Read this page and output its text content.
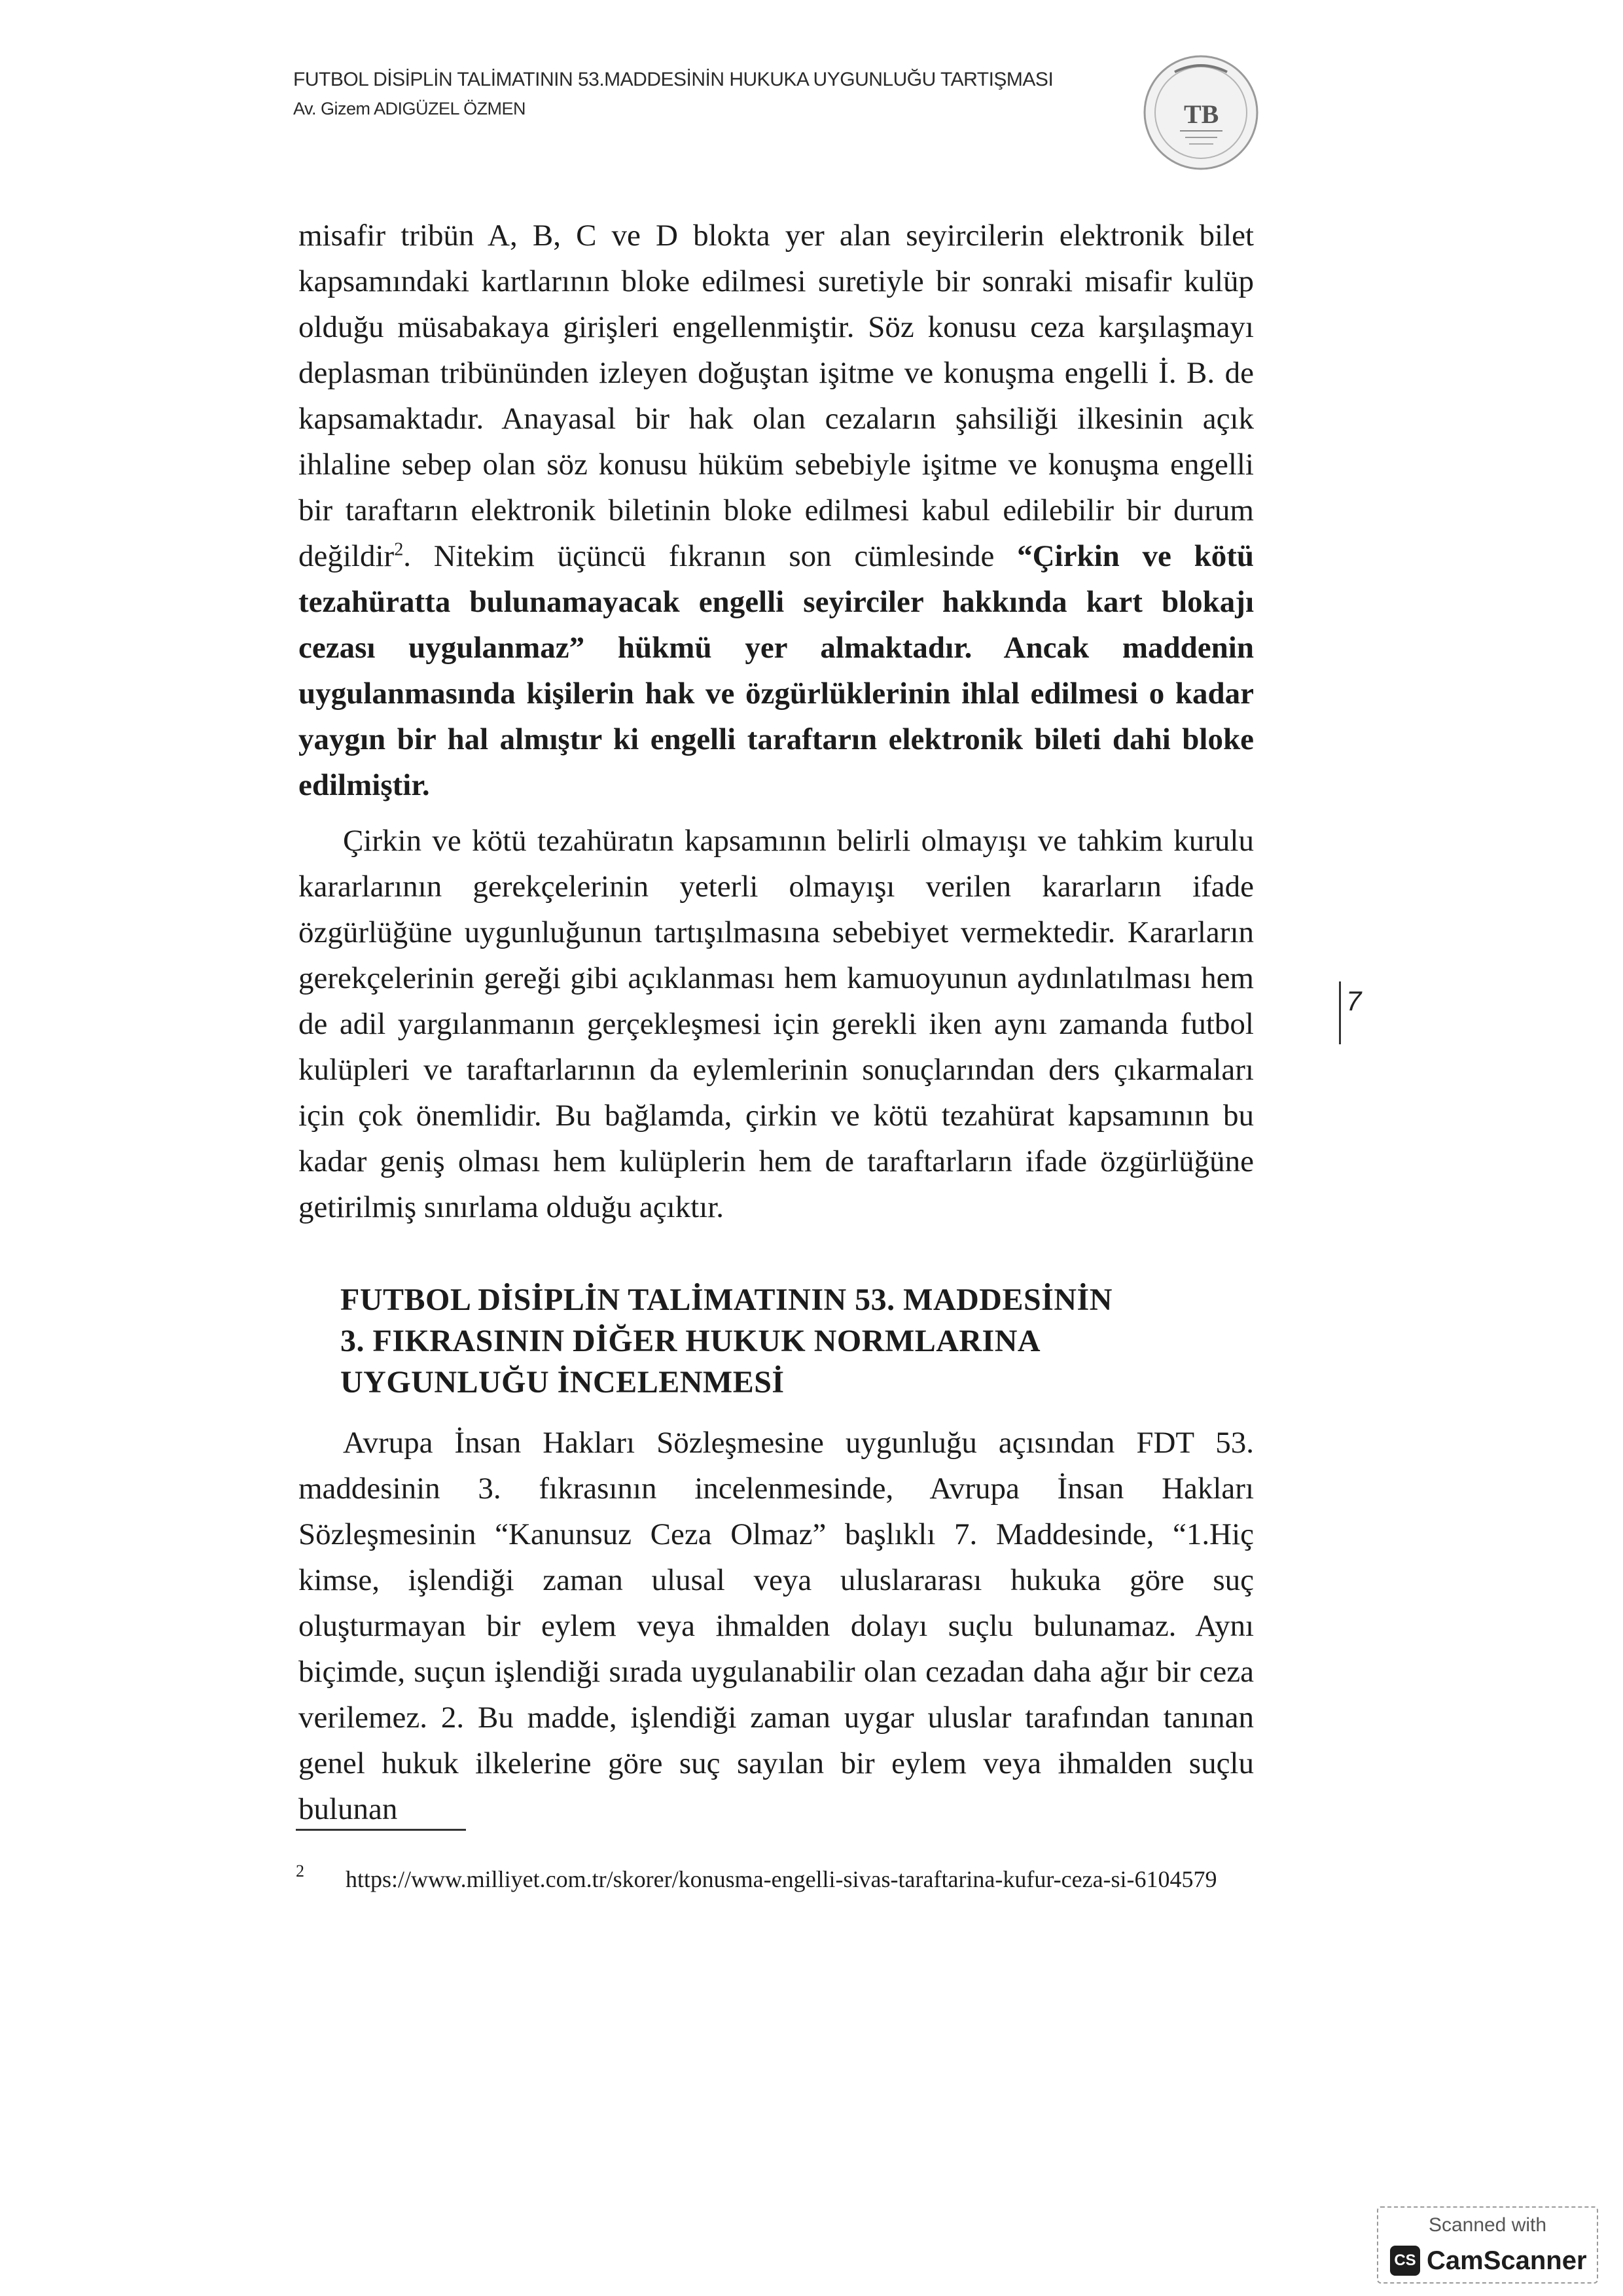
FUTBOL DİSİPLİN TALİMATININ 53.MADDESİNİN HUKUKA UYGUNLUĞU TARTIŞMASI
Av. Gizem ADIGÜZEL ÖZMEN	TB
misafir tribün A, B, C ve D blokta yer alan seyircilerin elektronik bilet kapsamındaki kartlarının bloke edilmesi suretiyle bir sonraki misafir kulüp olduğu müsabakaya girişleri engellenmiştir. Söz konusu ceza karşılaşmayı deplasman tribününden izleyen doğuştan işitme ve konuşma engelli İ. B. de kapsamaktadır. Anayasal bir hak olan cezaların şahsiliği ilkesinin açık ihlaline sebep olan söz konusu hüküm sebebiyle işitme ve konuşma engelli bir taraftarın elektronik biletinin bloke edilmesi kabul edilebilir bir durum değildir$^2$. Nitekim üçüncü fıkranın son cümlesinde “Çirkin ve kötü tezahüratta bulunamayacak engelli seyirciler hakkında kart blokajı cezası uygulanmaz” hükmü yer almaktadır. Ancak maddenin uygulanmasında kişilerin hak ve özgürlüklerinin ihlal edilmesi o kadar yaygın bir hal almıştır ki engelli taraftarın elektronik bileti dahi bloke edilmiştir.
Çirkin ve kötü tezahüratın kapsamının belirli olmayışı ve tahkim kurulu kararlarının gerekçelerinin yeterli olmayışı verilen kararların ifade özgürlüğüne uygunluğunun tartışılmasına sebebiyet vermektedir. Kararların gerekçelerinin gereği gibi açıklanması hem kamuoyunun aydınlatılması hem de adil yargılanmanın gerçekleşmesi için gerekli iken aynı zamanda futbol kulüpleri ve taraftarlarının da eylemlerinin sonuçlarından ders çıkarmaları için çok önemlidir. Bu bağlamda, çirkin ve kötü tezahürat kapsamının bu kadar geniş olması hem kulüplerin hem de taraftarların ifade özgürlüğüne getirilmiş sınırlama olduğu açıktır.
FUTBOL DİSİPLİN TALİMATININ 53. MADDESİNİN
3. FIKRASININ DİĞER HUKUK NORMLARINA
UYGUNLUĞU İNCELENMESİ
Avrupa İnsan Hakları Sözleşmesine uygunluğu açısından FDT 53. maddesinin 3. fıkrasının incelenmesinde, Avrupa İnsan Hakları Sözleşmesinin “Kanunsuz Ceza Olmaz” başlıklı 7. Maddesinde, “1.Hiç kimse, işlendiği zaman ulusal veya uluslararası hukuka göre suç oluşturmayan bir eylem veya ihmalden dolayı suçlu bulunamaz. Aynı biçimde, suçun işlendiği sırada uygulanabilir olan cezadan daha ağır bir ceza verilemez. 2. Bu madde, işlendiği zaman uygar uluslar tarafından tanınan genel hukuk ilkelerine göre suç sayılan bir eylem veya ihmalden suçlu bulunan
7
2 https://www.milliyet.com.tr/skorer/konusma-engelli-sivas-taraftarina-kufur-ceza-si-6104579
Scanned with
CS CamScanner
